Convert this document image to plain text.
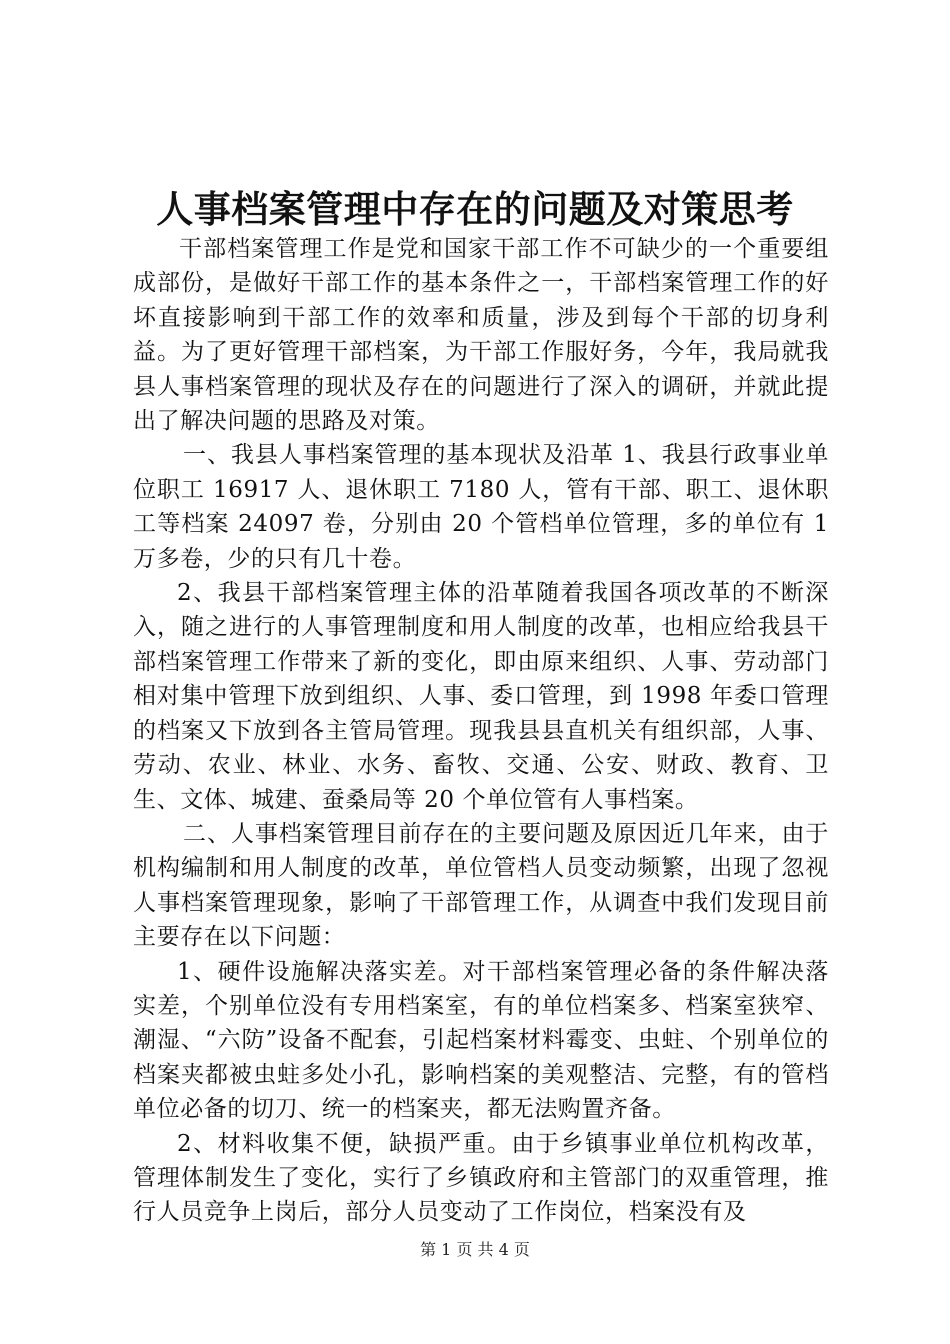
人事档案管理中存在的问题及对策思考

干部档案管理工作是党和国家干部工作不可缺少的一个重要组成部份，是做好干部工作的基本条件之一，干部档案管理工作的好坏直接影响到干部工作的效率和质量，涉及到每个干部的切身利益。为了更好管理干部档案，为干部工作服好务，今年，我局就我县人事档案管理的现状及存在的问题进行了深入的调研，并就此提出了解决问题的思路及对策。

一、我县人事档案管理的基本现状及沿革 1、我县行政事业单位职工 16917 人、退休职工 7180 人，管有干部、职工、退休职工等档案 24097 卷，分别由 20 个管档单位管理，多的单位有 1 万多卷，少的只有几十卷。

2、我县干部档案管理主体的沿革随着我国各项改革的不断深入，随之进行的人事管理制度和用人制度的改革，也相应给我县干部档案管理工作带来了新的变化，即由原来组织、人事、劳动部门相对集中管理下放到组织、人事、委口管理，到 1998 年委口管理的档案又下放到各主管局管理。现我县县直机关有组织部，人事、劳动、农业、林业、水务、畜牧、交通、公安、财政、教育、卫生、文体、城建、蚕桑局等 20 个单位管有人事档案。

二、人事档案管理目前存在的主要问题及原因近几年来，由于机构编制和用人制度的改革，单位管档人员变动频繁，出现了忽视人事档案管理现象，影响了干部管理工作，从调查中我们发现目前主要存在以下问题：

1、硬件设施解决落实差。对干部档案管理必备的条件解决落实差，个别单位没有专用档案室，有的单位档案多、档案室狭窄、潮湿、“六防”设备不配套，引起档案材料霉变、虫蛀、个别单位的档案夹都被虫蛀多处小孔，影响档案的美观整洁、完整，有的管档单位必备的切刀、统一的档案夹，都无法购置齐备。

2、材料收集不便，缺损严重。由于乡镇事业单位机构改革，管理体制发生了变化，实行了乡镇政府和主管部门的双重管理，推行人员竞争上岗后，部分人员变动了工作岗位，档案没有及

第 1 页 共 4 页
